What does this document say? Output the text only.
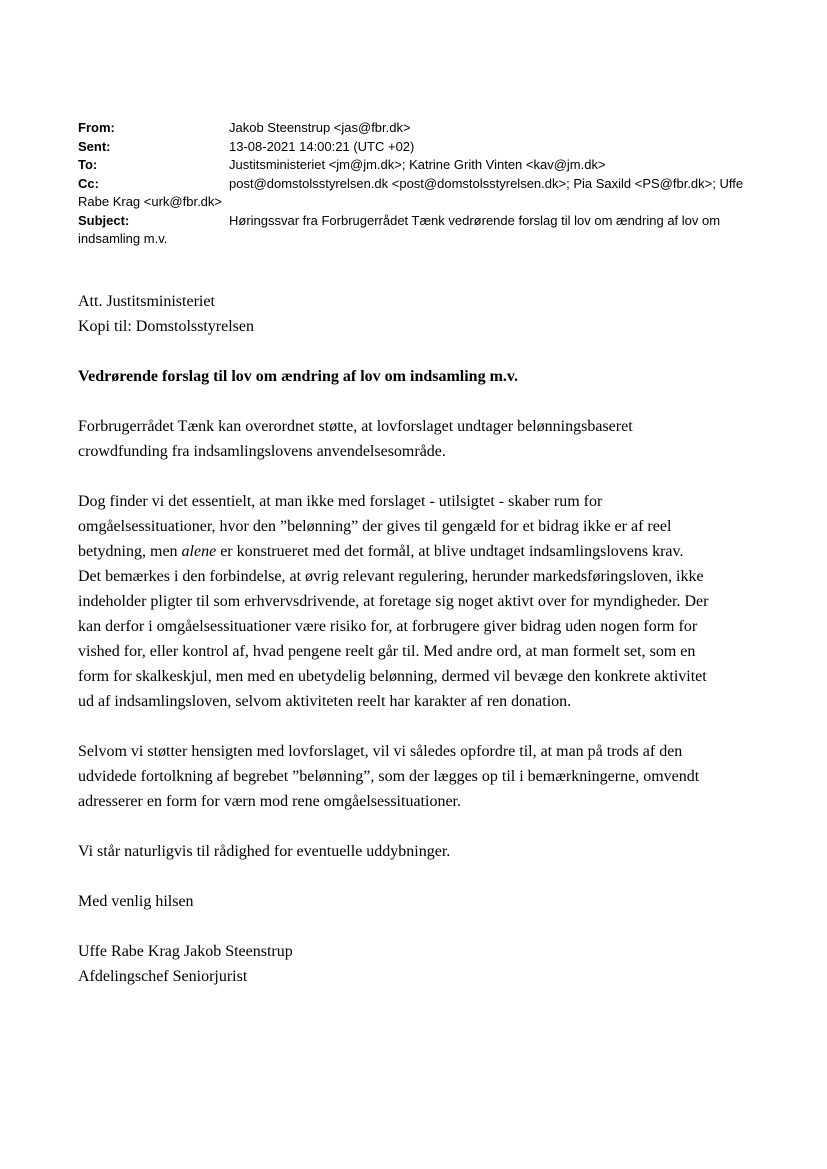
From:	Jakob Steenstrup <jas@fbr.dk>
Sent:	13-08-2021 14:00:21 (UTC +02)
To:	Justitsministeriet <jm@jm.dk>; Katrine Grith Vinten <kav@jm.dk>
Cc:	post@domstolsstyrelsen.dk <post@domstolsstyrelsen.dk>; Pia Saxild <PS@fbr.dk>; Uffe Rabe Krag <urk@fbr.dk>
Subject:	Høringssvar fra Forbrugerrådet Tænk vedrørende forslag til lov om ændring af lov om indsamling m.v.
Att. Justitsministeriet
Kopi til: Domstolsstyrelsen
Vedrørende forslag til lov om ændring af lov om indsamling m.v.
Forbrugerrådet Tænk kan overordnet støtte, at lovforslaget undtager belønningsbaseret
crowdfunding fra indsamlingslovens anvendelsesområde.
Dog finder vi det essentielt, at man ikke med forslaget - utilsigtet - skaber rum for
omgåelsessituationer, hvor den ”belønning” der gives til gengæld for et bidrag ikke er af reel
betydning, men alene er konstrueret med det formål, at blive undtaget indsamlingslovens krav.
Det bemærkes i den forbindelse, at øvrig relevant regulering, herunder markedsføringsloven, ikke
indeholder pligter til som erhvervsdrivende, at foretage sig noget aktivt over for myndigheder. Der
kan derfor i omgåelsessituationer være risiko for, at forbrugere giver bidrag uden nogen form for
vished for, eller kontrol af, hvad pengene reelt går til. Med andre ord, at man formelt set, som en
form for skalkeskjul, men med en ubetydelig belønning, dermed vil bevæge den konkrete aktivitet
ud af indsamlingsloven, selvom aktiviteten reelt har karakter af ren donation.
Selvom vi støtter hensigten med lovforslaget, vil vi således opfordre til, at man på trods af den
udvidede fortolkning af begrebet ”belønning”, som der lægges op til i bemærkningerne, omvendt
adresserer en form for værn mod rene omgåelsessituationer.
Vi står naturligvis til rådighed for eventuelle uddybninger.
Med venlig hilsen
Uffe Rabe Krag Jakob Steenstrup
Afdelingschef Seniorjurist
